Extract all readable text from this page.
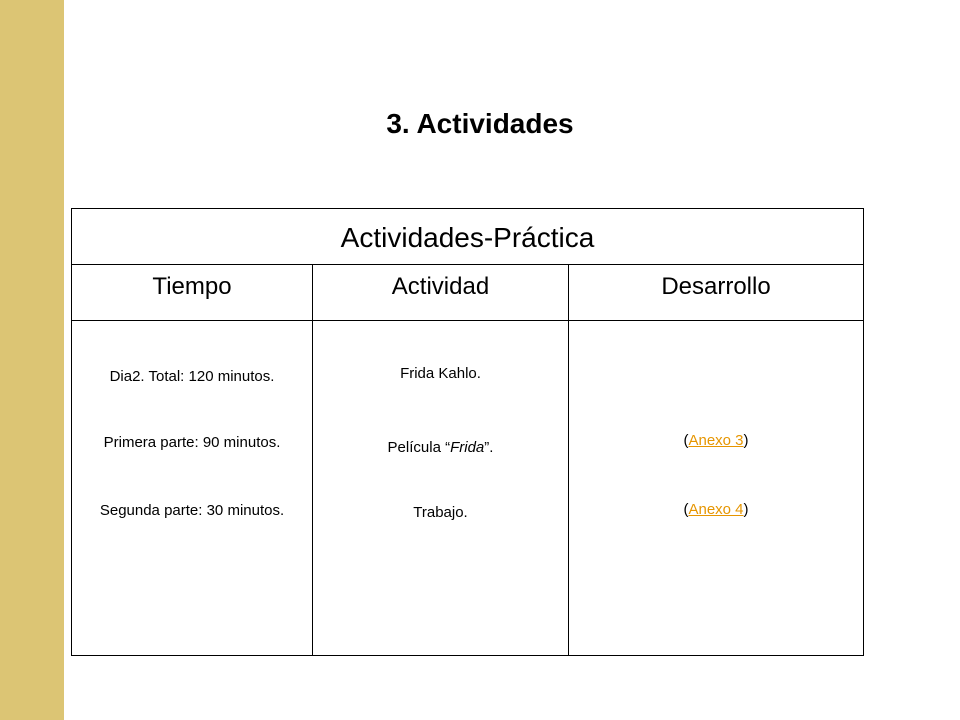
3. Actividades
Actividades-Práctica
Tiempo	Actividad	Desarrollo
Dia2. Total: 120 minutos.
Primera parte: 90 minutos.
Segunda parte: 30 minutos.
Frida Kahlo.
Película “Frida”.
Trabajo.
(Anexo 3)
(Anexo 4)
